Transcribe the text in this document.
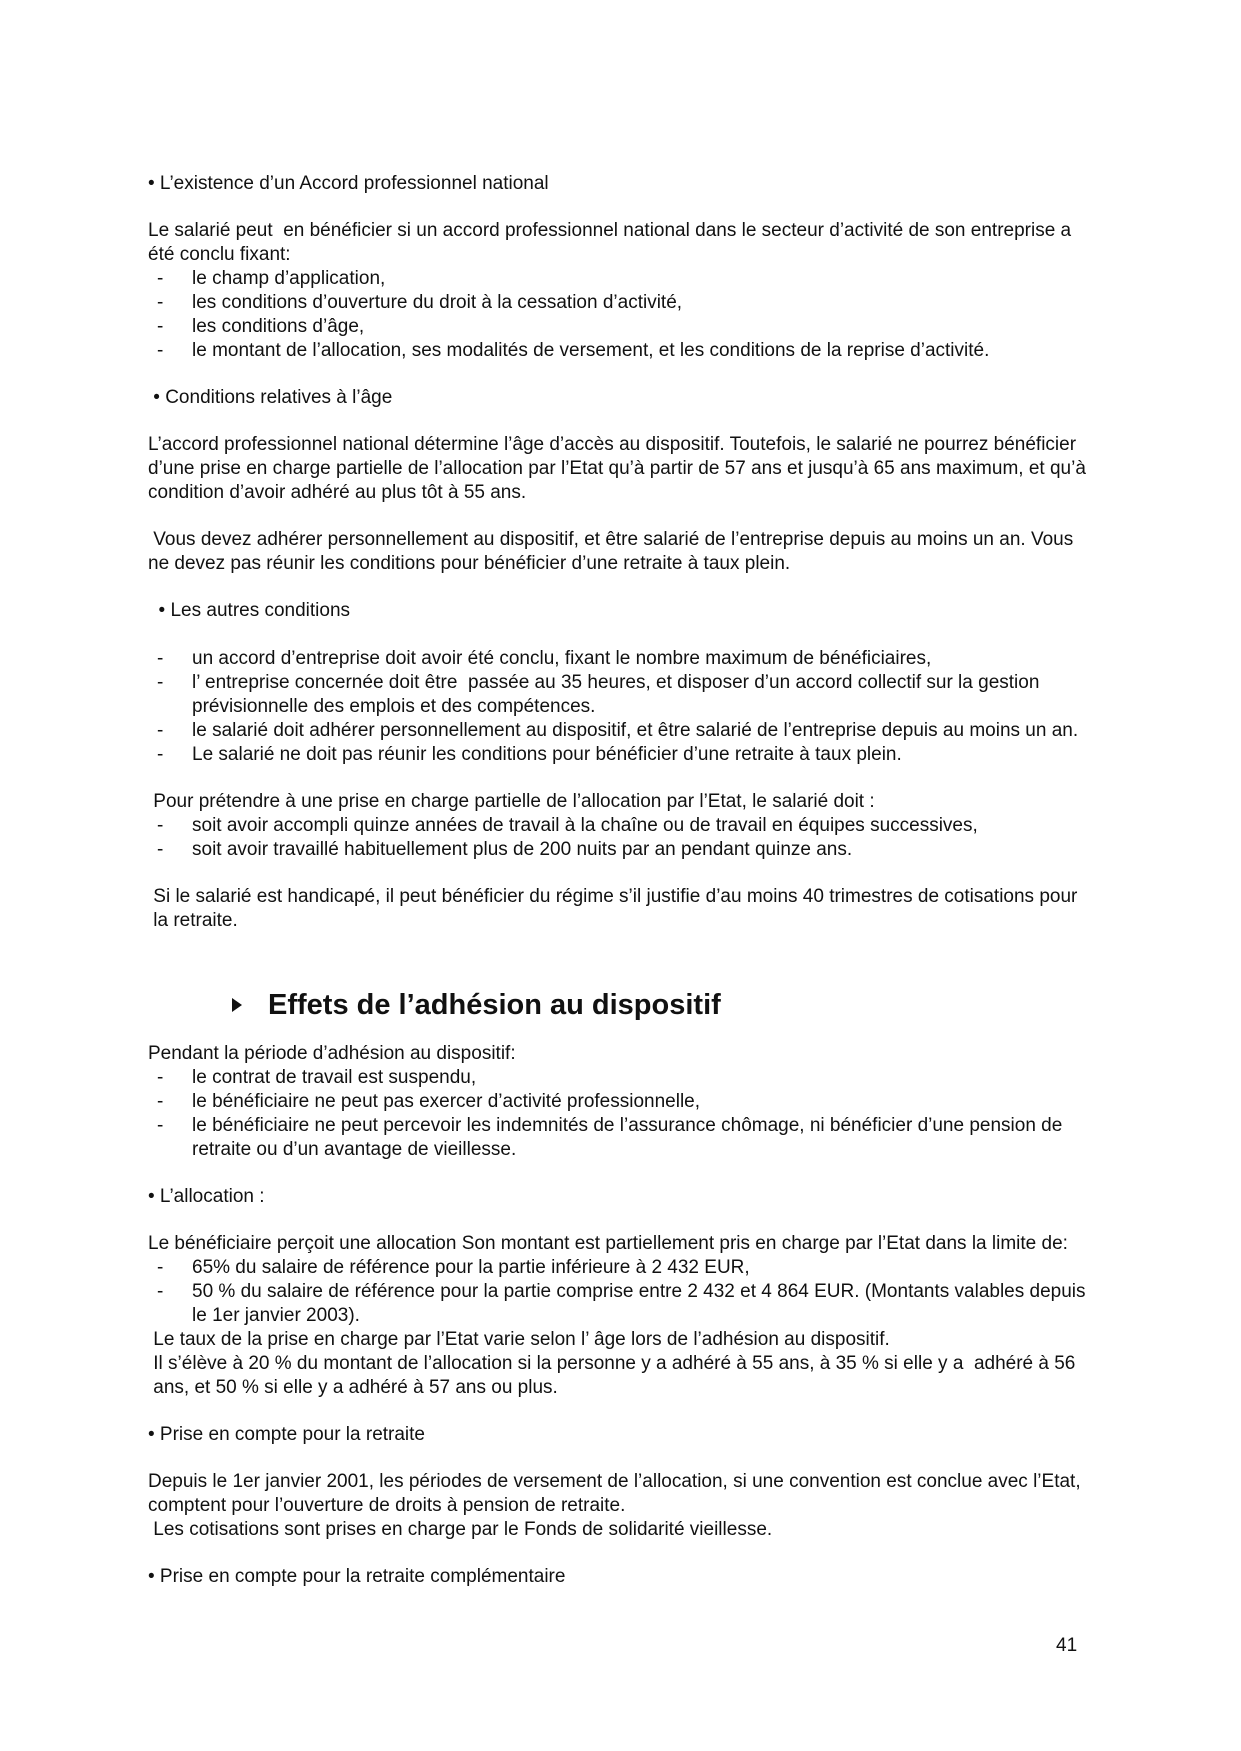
• L’existence d’un Accord professionnel national
Le salarié peut  en bénéficier si un accord professionnel national dans le secteur d’activité de son entreprise a
été conclu fixant:
- le champ d’application,
- les conditions d’ouverture du droit à la cessation d’activité,
- les conditions d’âge,
- le montant de l’allocation, ses modalités de versement, et les conditions de la reprise d’activité.
• Conditions relatives à l’âge
L’accord professionnel national détermine l’âge d’accès au dispositif. Toutefois, le salarié ne pourrez bénéficier
d’une prise en charge partielle de l’allocation par l’Etat qu’à partir de 57 ans et jusqu’à 65 ans maximum, et qu’à
condition d’avoir adhéré au plus tôt à 55 ans.
Vous devez adhérer personnellement au dispositif, et être salarié de l’entreprise depuis au moins un an. Vous
ne devez pas réunir les conditions pour bénéficier d’une retraite à taux plein.
• Les autres conditions
- un accord d’entreprise doit avoir été conclu, fixant le nombre maximum de bénéficiaires,
- l’ entreprise concernée doit être  passée au 35 heures, et disposer d’un accord collectif sur la gestion
prévisionnelle des emplois et des compétences.
- le salarié doit adhérer personnellement au dispositif, et être salarié de l’entreprise depuis au moins un an.
- Le salarié ne doit pas réunir les conditions pour bénéficier d’une retraite à taux plein.
Pour prétendre à une prise en charge partielle de l’allocation par l’Etat, le salarié doit :
- soit avoir accompli quinze années de travail à la chaîne ou de travail en équipes successives,
- soit avoir travaillé habituellement plus de 200 nuits par an pendant quinze ans.
Si le salarié est handicapé, il peut bénéficier du régime s’il justifie d’au moins 40 trimestres de cotisations pour
la retraite.
Effets de l’adhésion au dispositif
Pendant la période d’adhésion au dispositif:
- le contrat de travail est suspendu,
- le bénéficiaire ne peut pas exercer d’activité professionnelle,
- le bénéficiaire ne peut percevoir les indemnités de l’assurance chômage, ni bénéficier d’une pension de
retraite ou d’un avantage de vieillesse.
• L’allocation :
Le bénéficiaire perçoit une allocation Son montant est partiellement pris en charge par l’Etat dans la limite de:
- 65% du salaire de référence pour la partie inférieure à 2 432 EUR,
- 50 % du salaire de référence pour la partie comprise entre 2 432 et 4 864 EUR. (Montants valables depuis
le 1er janvier 2003).
Le taux de la prise en charge par l’Etat varie selon l’ âge lors de l’adhésion au dispositif.
Il s’élève à 20 % du montant de l’allocation si la personne y a adhéré à 55 ans, à 35 % si elle y a  adhéré à 56
ans, et 50 % si elle y a adhéré à 57 ans ou plus.
• Prise en compte pour la retraite
Depuis le 1er janvier 2001, les périodes de versement de l’allocation, si une convention est conclue avec l’Etat,
comptent pour l’ouverture de droits à pension de retraite.
Les cotisations sont prises en charge par le Fonds de solidarité vieillesse.
• Prise en compte pour la retraite complémentaire
41
